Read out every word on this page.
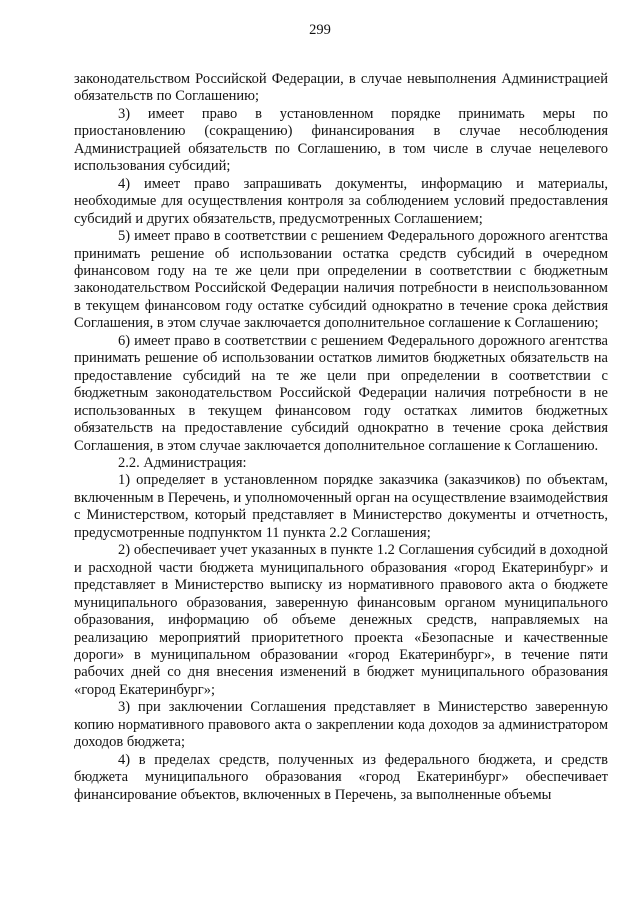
299

законодательством Российской Федерации, в случае невыполнения Администрацией обязательств по Соглашению;

3) имеет право в установленном порядке принимать меры по приостановлению (сокращению) финансирования в случае несоблюдения Администрацией обязательств по Соглашению, в том числе в случае нецелевого использования субсидий;

4) имеет право запрашивать документы, информацию и материалы, необходимые для осуществления контроля за соблюдением условий предоставления субсидий и других обязательств, предусмотренных Соглашением;

5) имеет право в соответствии с решением Федерального дорожного агентства принимать решение об использовании остатка средств субсидий в очередном финансовом году на те же цели при определении в соответствии с бюджетным законодательством Российской Федерации наличия потребности в неиспользованном в текущем финансовом году остатке субсидий однократно в течение срока действия Соглашения, в этом случае заключается дополнительное соглашение к Соглашению;

6) имеет право в соответствии с решением Федерального дорожного агентства принимать решение об использовании остатков лимитов бюджетных обязательств на предоставление субсидий на те же цели при определении в соответствии с бюджетным законодательством Российской Федерации наличия потребности в не использованных в текущем финансовом году остатках лимитов бюджетных обязательств на предоставление субсидий однократно в течение срока действия Соглашения, в этом случае заключается дополнительное соглашение к Соглашению.

2.2. Администрация:

1) определяет в установленном порядке заказчика (заказчиков) по объектам, включенным в Перечень, и уполномоченный орган на осуществление взаимодействия с Министерством, который представляет в Министерство документы и отчетность, предусмотренные подпунктом 11 пункта 2.2 Соглашения;

2) обеспечивает учет указанных в пункте 1.2 Соглашения субсидий в доходной и расходной части бюджета муниципального образования «город Екатеринбург» и представляет в Министерство выписку из нормативного правового акта о бюджете муниципального образования, заверенную финансовым органом муниципального образования, информацию об объеме денежных средств, направляемых на реализацию мероприятий приоритетного проекта «Безопасные и качественные дороги» в муниципальном образовании «город Екатеринбург», в течение пяти рабочих дней со дня внесения изменений в бюджет муниципального образования «город Екатеринбург»;

3) при заключении Соглашения представляет в Министерство заверенную копию нормативного правового акта о закреплении кода доходов за администратором доходов бюджета;

4) в пределах средств, полученных из федерального бюджета, и средств бюджета муниципального образования «город Екатеринбург» обеспечивает финансирование объектов, включенных в Перечень, за выполненные объемы
